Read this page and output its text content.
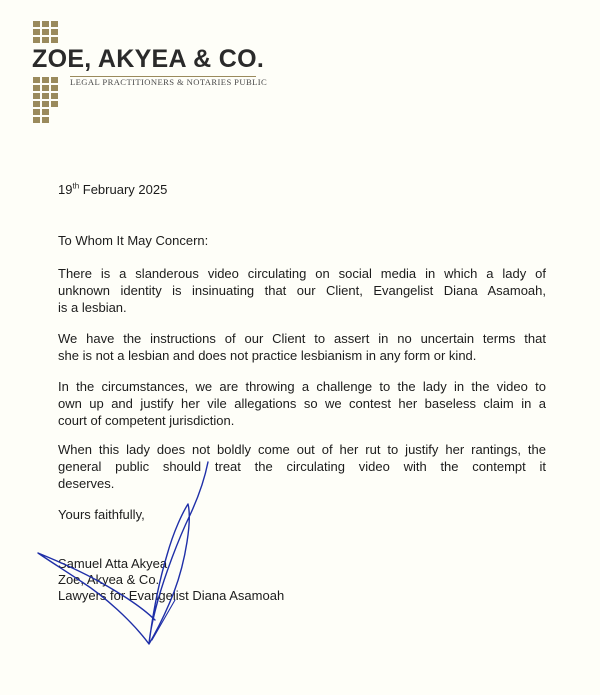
ZOE, AKYEA & CO.
LEGAL PRACTITIONERS & NOTARIES PUBLIC
19th February 2025
To Whom It May Concern:
There is a slanderous video circulating on social media in which a lady of
unknown identity is insinuating that our Client, Evangelist Diana Asamoah,
is a lesbian.
We have the instructions of our Client to assert in no uncertain terms that
she is not a lesbian and does not practice lesbianism in any form or kind.
In the circumstances, we are throwing a challenge to the lady in the video to
own up and justify her vile allegations so we contest her baseless claim in a
court of competent jurisdiction.
When this lady does not boldly come out of her rut to justify her rantings, the
general public should treat the circulating video with the contempt it
deserves.
Yours faithfully,
Samuel Atta Akyea
Zoe, Akyea & Co.
Lawyers for Evangelist Diana Asamoah
